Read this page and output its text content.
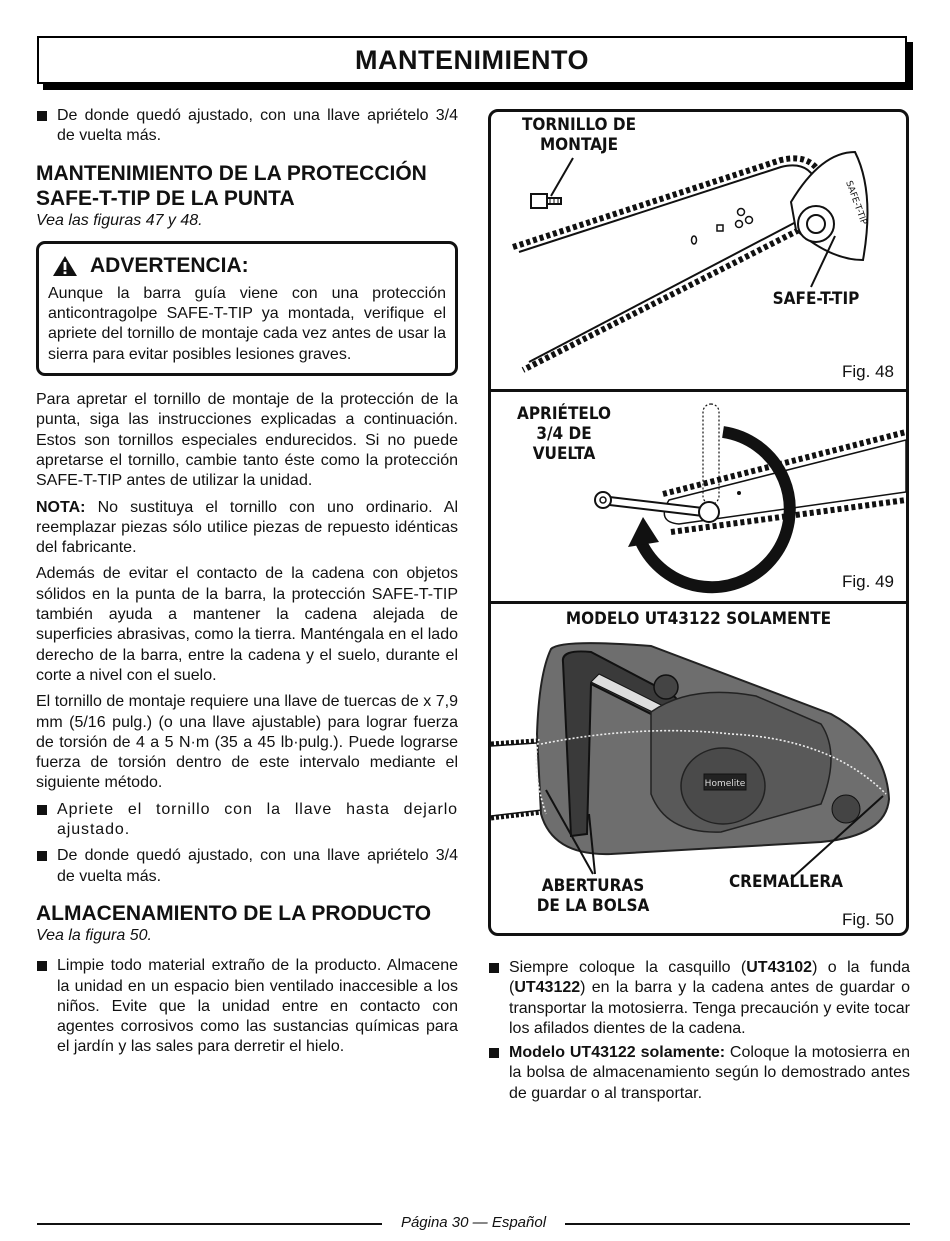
MANTENIMIENTO
De donde quedó ajustado, con una llave apriételo 3/4 de vuelta más.
MANTENIMIENTO DE LA PROTECCIÓN SAFE-T-TIP DE LA PUNTA
Vea las figuras 47 y 48.
ADVERTENCIA:

Aunque la barra guía viene con una protección anticontragolpe SAFE-T-TIP ya montada, verifique el apriete del tornillo de montaje cada vez antes de usar la sierra para evitar posibles lesiones graves.

Para apretar el tornillo de montaje de la protección de la punta, siga las instrucciones explicadas a continuación. Estos son tornillos especiales endurecidos. Si no puede apretarse el tornillo, cambie tanto éste como la protección SAFE-T-TIP antes de utilizar la unidad.

NOTA: No sustituya el tornillo con uno ordinario. Al reemplazar piezas sólo utilice piezas de repuesto idénticas del fabricante.

Además de evitar el contacto de la cadena con objetos sólidos en la punta de la barra, la protección SAFE-T-TIP también ayuda a mantener la cadena alejada de superficies abrasivas, como la tierra. Manténgala en el lado derecho de la barra, entre la cadena y el suelo, durante el corte a nivel con el suelo.

El tornillo de montaje requiere una llave de tuercas de x 7,9 mm (5/16 pulg.) (o una llave ajustable) para lograr fuerza de torsión de 4 a 5 N·m (35 a 45 lb·pulg.). Puede lograrse fuerza de torsión dentro de este intervalo mediante el siguiente método.

Apriete el tornillo con la llave hasta dejarlo ajustado.
De donde quedó ajustado, con una llave apriételo 3/4 de vuelta más.
ALMACENAMIENTO DE LA PRODUCTO
Vea la figura 50.
Limpie todo material extraño de la producto. Almacene la unidad en un espacio bien ventilado inaccesible a los niños. Evite que la unidad entre en contacto con agentes corrosivos como las sustancias químicas para el jardín y las sales para derretir el hielo.
SAFE-T-TIP
TORNILLO DE MONTAJE
SAFE-T-TIP
Fig. 48
APRIÉTELO 3/4 DE VUELTA
Fig. 49
MODELO UT43122 SOLAMENTE
Homelite
ABERTURAS DE LA BOLSA
CREMALLERA
Fig. 50
Siempre coloque la casquillo (UT43102) o la funda (UT43122) en la barra y la cadena antes de guardar o transportar la motosierra. Tenga precaución y evite tocar los afilados dientes de la cadena.
Modelo UT43122 solamente: Coloque la motosierra en la bolsa de almacenamiento según lo demostrado antes de guardar o al transportar.
Página 30 — Español
